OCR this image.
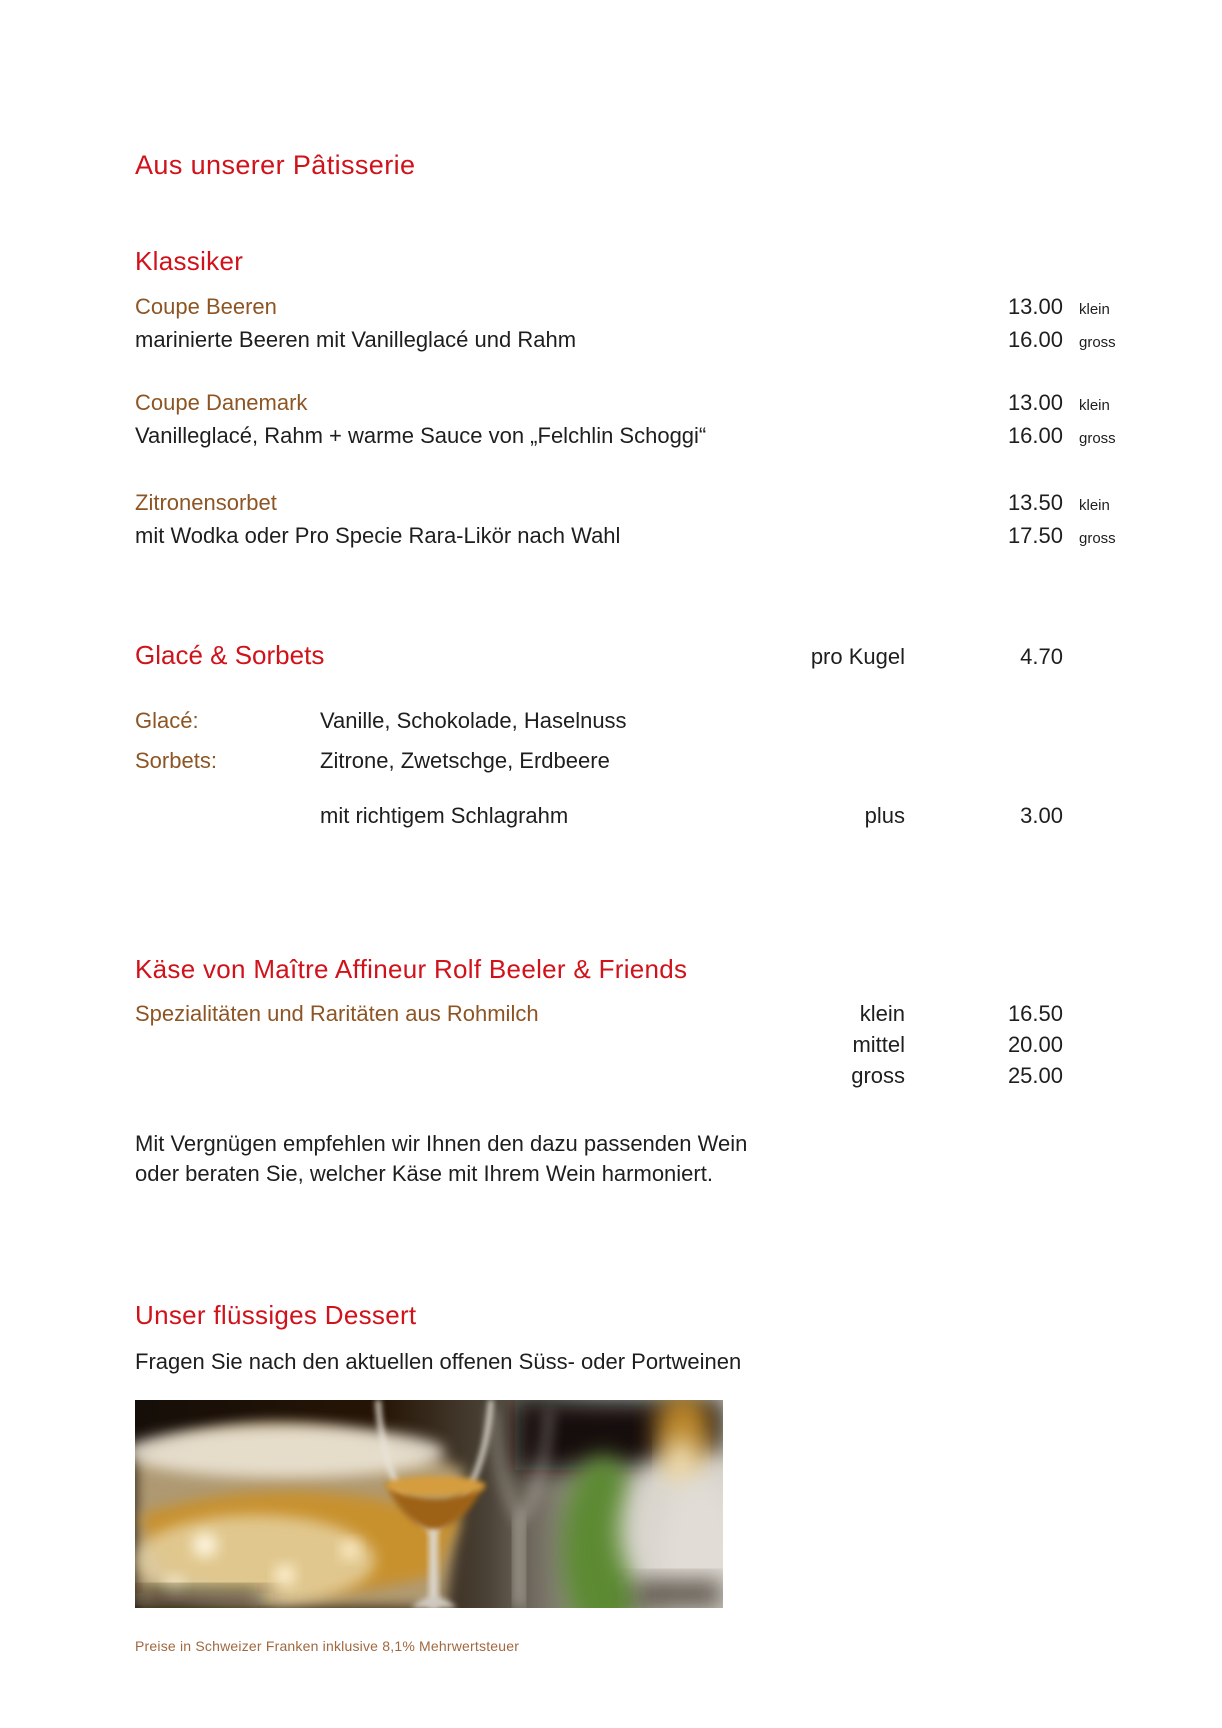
Aus unserer Pâtisserie
Klassiker
Coupe Beeren	13.00	klein
marinierte Beeren mit Vanilleglacé und Rahm	16.00	gross
Coupe Danemark	13.00	klein
Vanilleglacé, Rahm + warme Sauce von „Felchlin Schoggi“	16.00	gross
Zitronensorbet	13.50	klein
mit Wodka oder Pro Specie Rara-Likör nach Wahl	17.50	gross
Glacé & Sorbets	pro Kugel	4.70
Glacé:	Vanille, Schokolade, Haselnuss
Sorbets:	Zitrone, Zwetschge, Erdbeere
mit richtigem Schlagrahm	plus	3.00
Käse von Maître Affineur Rolf Beeler & Friends
Spezialitäten und Raritäten aus Rohmilch	klein	16.50
mittel	20.00
gross	25.00
Mit Vergnügen empfehlen wir Ihnen den dazu passenden Wein
oder beraten Sie, welcher Käse mit Ihrem Wein harmoniert.
Unser flüssiges Dessert
Fragen Sie nach den aktuellen offenen Süss- oder Portweinen
Preise in Schweizer Franken inklusive 8,1% Mehrwertsteuer
